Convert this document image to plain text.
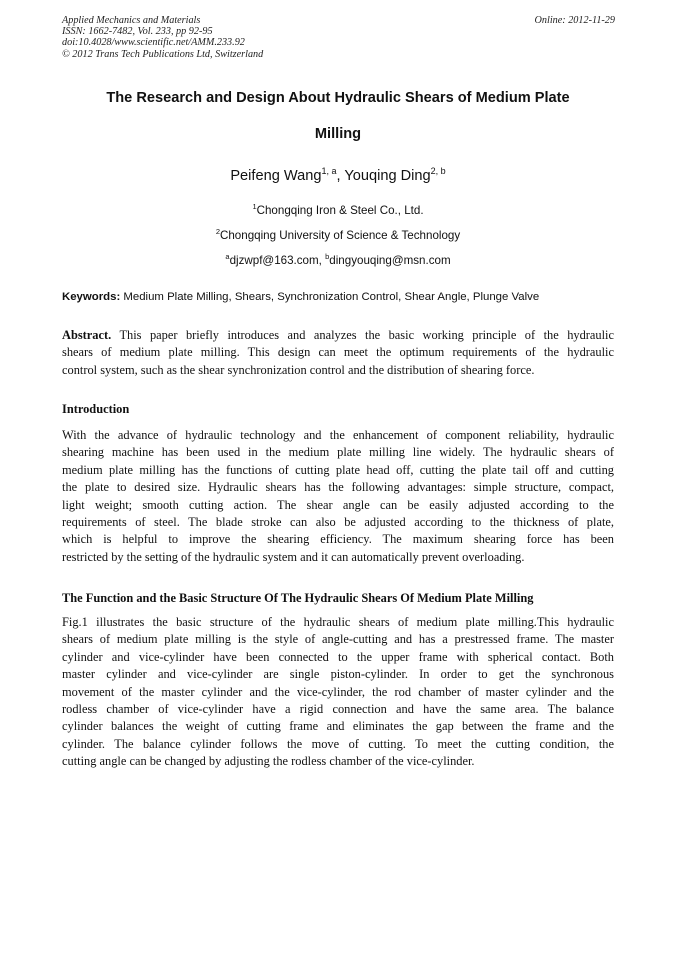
Applied Mechanics and Materials
ISSN: 1662-7482, Vol. 233, pp 92-95
doi:10.4028/www.scientific.net/AMM.233.92
© 2012 Trans Tech Publications Ltd, Switzerland
Online: 2012-11-29
The Research and Design About Hydraulic Shears of Medium Plate
Milling
Peifeng Wang$^{1, a}$, Youqing Ding$^{2, b}$
$^1$Chongqing Iron & Steel Co., Ltd.
$^2$Chongqing University of Science & Technology
$^a$djzwpf@163.com, $^b$dingyouqing@msn.com
Keywords: Medium Plate Milling, Shears, Synchronization Control, Shear Angle, Plunge Valve
Abstract. This paper briefly introduces and analyzes the basic working principle of the hydraulic
shears of medium plate milling. This design can meet the optimum requirements of the hydraulic
control system, such as the shear synchronization control and the distribution of shearing force.
Introduction
With the advance of hydraulic technology and the enhancement of component reliability, hydraulic
shearing machine has been used in the medium plate milling line widely. The hydraulic shears of
medium plate milling has the functions of cutting plate head off, cutting the plate tail off and cutting
the plate to desired size. Hydraulic shears has the following advantages: simple structure, compact,
light weight; smooth cutting action. The shear angle can be easily adjusted according to the
requirements of steel. The blade stroke can also be adjusted according to the thickness of plate,
which is helpful to improve the shearing efficiency. The maximum shearing force has been
restricted by the setting of the hydraulic system and it can automatically prevent overloading.
The Function and the Basic Structure Of The Hydraulic Shears Of Medium Plate Milling
Fig.1 illustrates the basic structure of the hydraulic shears of medium plate milling.This hydraulic
shears of medium plate milling is the style of angle-cutting and has a prestressed frame. The master
cylinder and vice-cylinder have been connected to the upper frame with spherical contact. Both
master cylinder and vice-cylinder are single piston-cylinder. In order to get the synchronous
movement of the master cylinder and the vice-cylinder, the rod chamber of master cylinder and the
rodless chamber of vice-cylinder have a rigid connection and have the same area. The balance
cylinder balances the weight of cutting frame and eliminates the gap between the frame and the
cylinder. The balance cylinder follows the move of cutting. To meet the cutting condition, the
cutting angle can be changed by adjusting the rodless chamber of the vice-cylinder.
